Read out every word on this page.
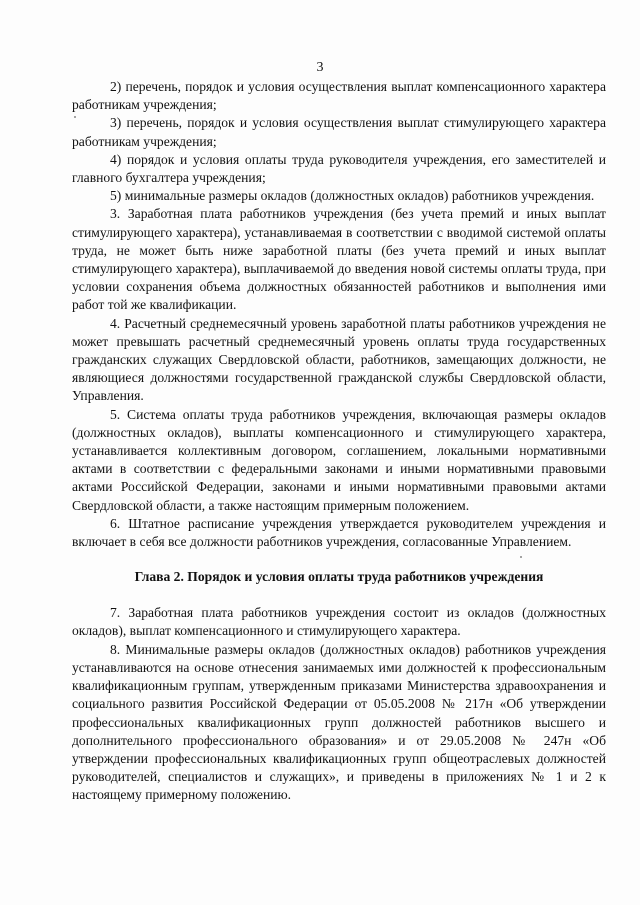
3

2) перечень, порядок и условия осуществления выплат компенсационного характера работникам учреждения;

3) перечень, порядок и условия осуществления выплат стимулирующего характера работникам учреждения;

4) порядок и условия оплаты труда руководителя учреждения, его заместителей и главного бухгалтера учреждения;

5) минимальные размеры окладов (должностных окладов) работников учреждения.

3. Заработная плата работников учреждения (без учета премий и иных выплат стимулирующего характера), устанавливаемая в соответствии с вводимой системой оплаты труда, не может быть ниже заработной платы (без учета премий и иных выплат стимулирующего характера), выплачиваемой до введения новой системы оплаты труда, при условии сохранения объема должностных обязанностей работников и выполнения ими работ той же квалификации.

4. Расчетный среднемесячный уровень заработной платы работников учреждения не может превышать расчетный среднемесячный уровень оплаты труда государственных гражданских служащих Свердловской области, работников, замещающих должности, не являющиеся должностями государственной гражданской службы Свердловской области, Управления.

5. Система оплаты труда работников учреждения, включающая размеры окладов (должностных окладов), выплаты компенсационного и стимулирующего характера, устанавливается коллективным договором, соглашением, локальными нормативными актами в соответствии с федеральными законами и иными нормативными правовыми актами Российской Федерации, законами и иными нормативными правовыми актами Свердловской области, а также настоящим примерным положением.

6. Штатное расписание учреждения утверждается руководителем учреждения и включает в себя все должности работников учреждения, согласованные Управлением.

Глава 2. Порядок и условия оплаты труда работников учреждения

7. Заработная плата работников учреждения состоит из окладов (должностных окладов), выплат компенсационного и стимулирующего характера.

8. Минимальные размеры окладов (должностных окладов) работников учреждения устанавливаются на основе отнесения занимаемых ими должностей к профессиональным квалификационным группам, утвержденным приказами Министерства здравоохранения и социального развития Российской Федерации от 05.05.2008 № 217н «Об утверждении профессиональных квалификационных групп должностей работников высшего и дополнительного профессионального образования» и от 29.05.2008 № 247н «Об утверждении профессиональных квалификационных групп общеотраслевых должностей руководителей, специалистов и служащих», и приведены в приложениях № 1 и 2 к настоящему примерному положению.
